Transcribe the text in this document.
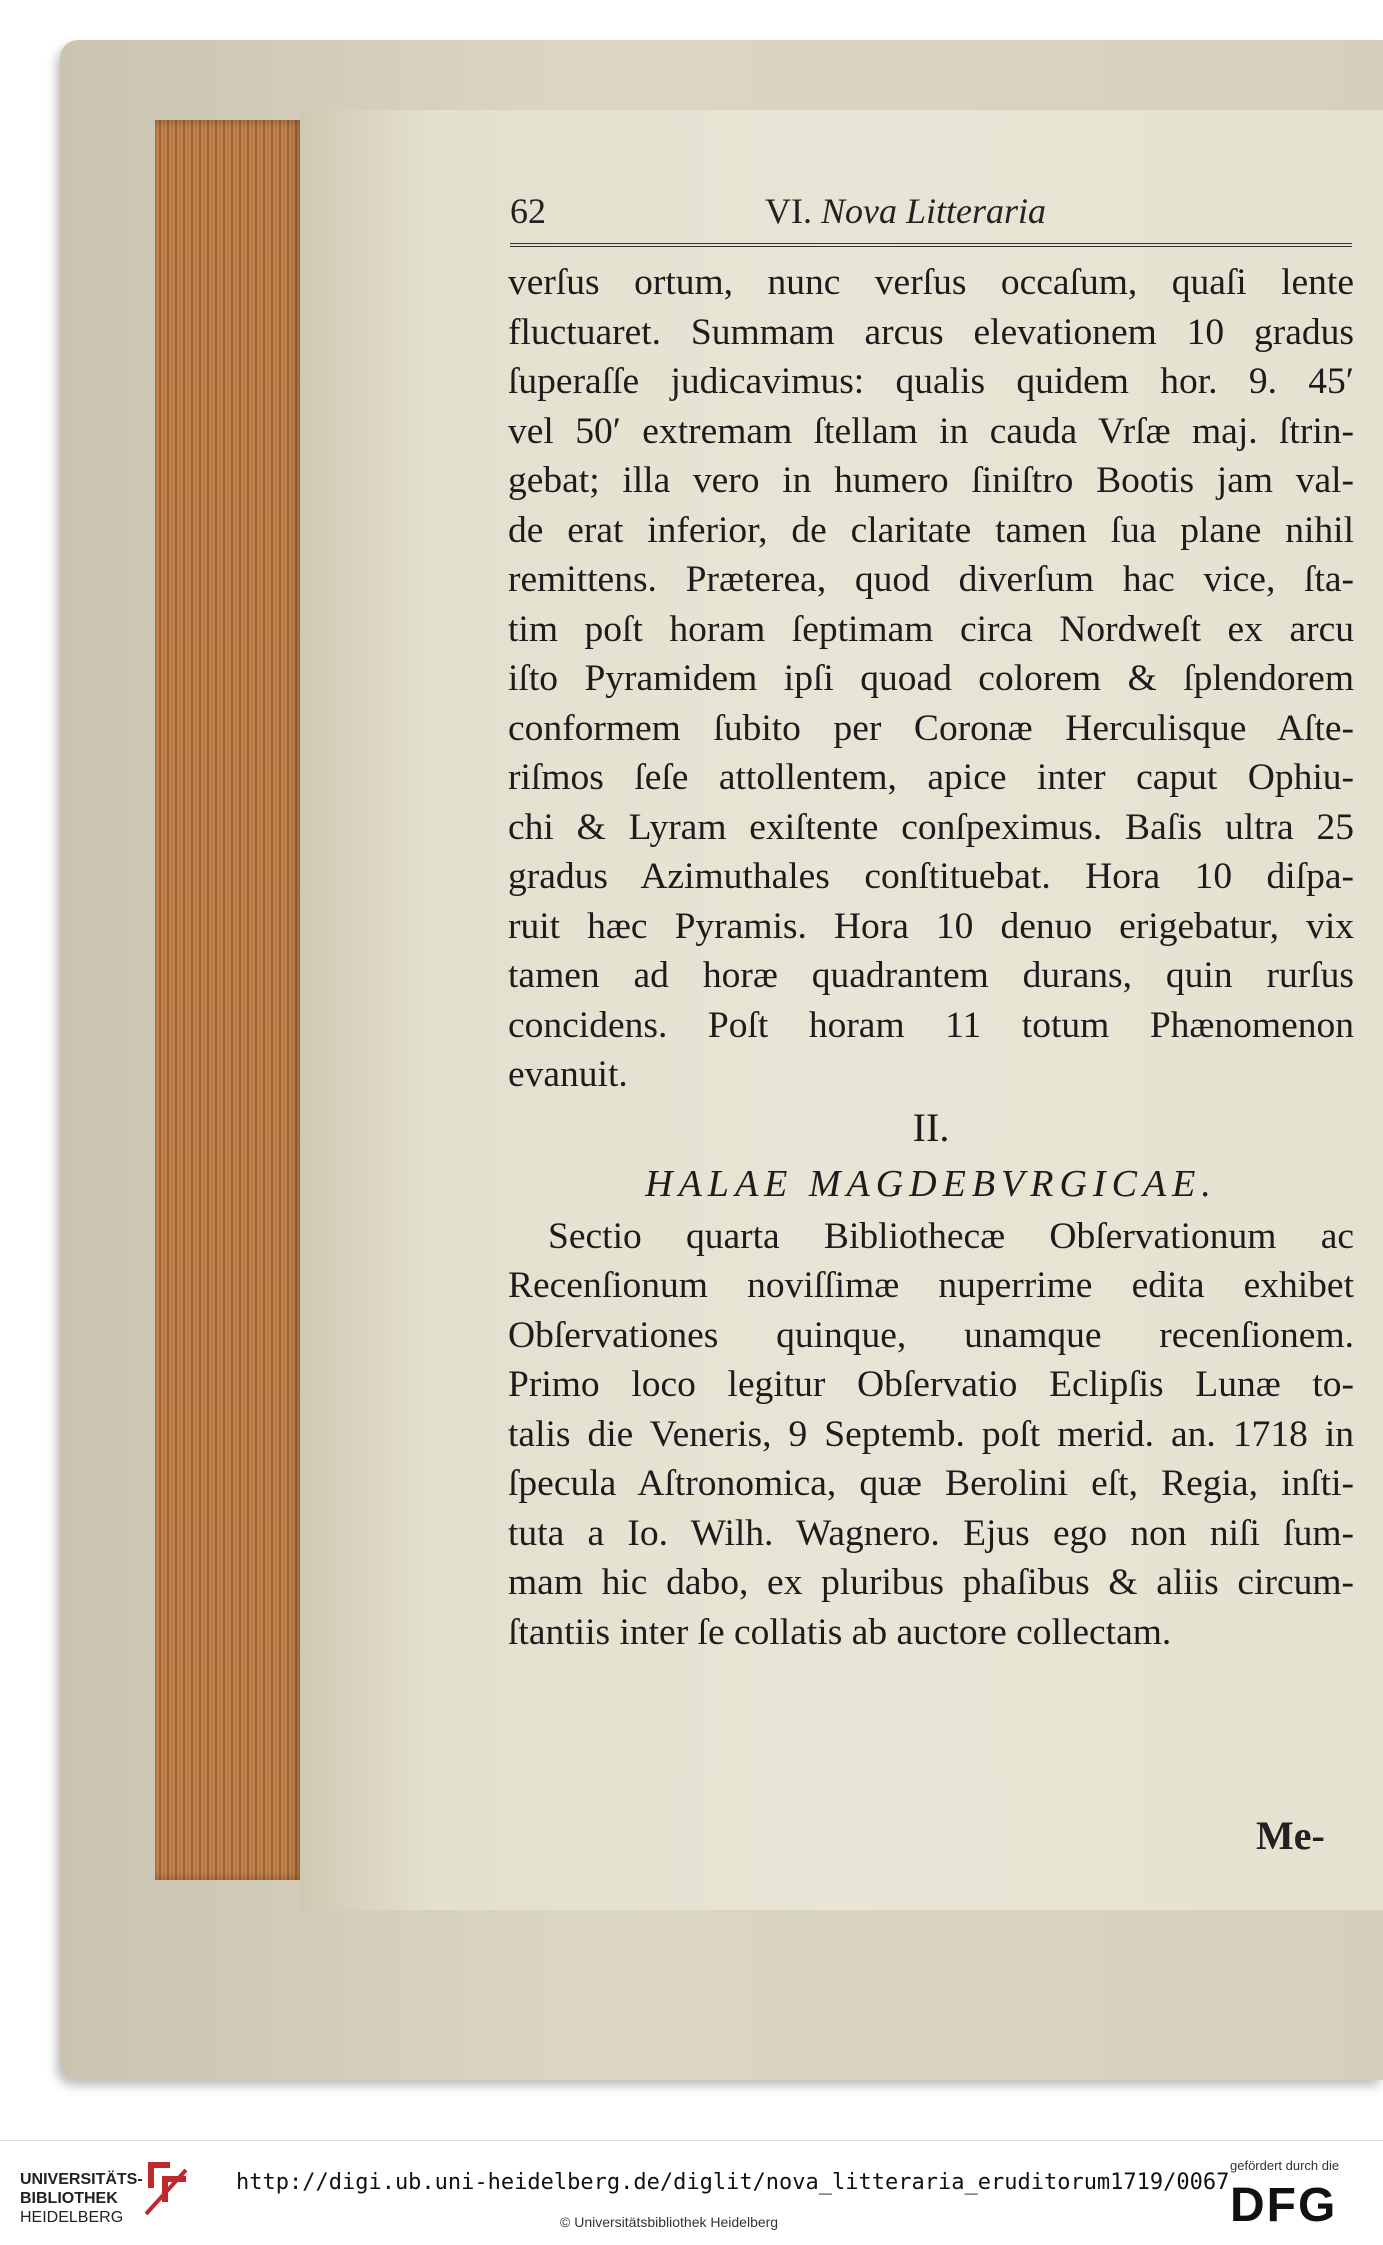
62	VI. Nova Litteraria
verſus ortum, nunc verſus occaſum, quaſi lente
fluctuaret. Summam arcus elevationem 10 gradus
ſuperaſſe judicavimus: qualis quidem hor. 9. 45′
vel 50′ extremam ſtellam in cauda Vrſæ maj. ſtrin-
gebat; illa vero in humero ſiniſtro Bootis jam val-
de erat inferior, de claritate tamen ſua plane nihil
remittens. Præterea, quod diverſum hac vice, ſta-
tim poſt horam ſeptimam circa Nordweſt ex arcu
iſto Pyramidem ipſi quoad colorem & ſplendorem
conformem ſubito per Coronæ Herculisque Aſte-
riſmos ſeſe attollentem, apice inter caput Ophiu-
chi & Lyram exiſtente conſpeximus. Baſis ultra 25
gradus Azimuthales conſtituebat. Hora 10 diſpa-
ruit hæc Pyramis. Hora 10 denuo erigebatur, vix
tamen ad horæ quadrantem durans, quin rurſus
concidens. Poſt horam 11 totum Phænomenon
evanuit.
II.
HALAE MAGDEBVRGICAE.
Sectio quarta Bibliothecæ Obſervationum ac
Recenſionum noviſſimæ nuperrime edita exhibet
Obſervationes quinque, unamque recenſionem.
Primo loco legitur Obſervatio Eclipſis Lunæ to-
talis die Veneris, 9 Septemb. poſt merid. an. 1718 in
ſpecula Aſtronomica, quæ Berolini eſt, Regia, inſti-
tuta a Io. Wilh. Wagnero. Ejus ego non niſi ſum-
mam hic dabo, ex pluribus phaſibus & aliis circum-
ſtantiis inter ſe collatis ab auctore collectam.
Me-
UNIVERSITÄTS-
BIBLIOTHEK
HEIDELBERG
http://digi.ub.uni-heidelberg.de/diglit/nova_litteraria_eruditorum1719/0067
© Universitätsbibliothek Heidelberg
gefördert durch die
DFG
